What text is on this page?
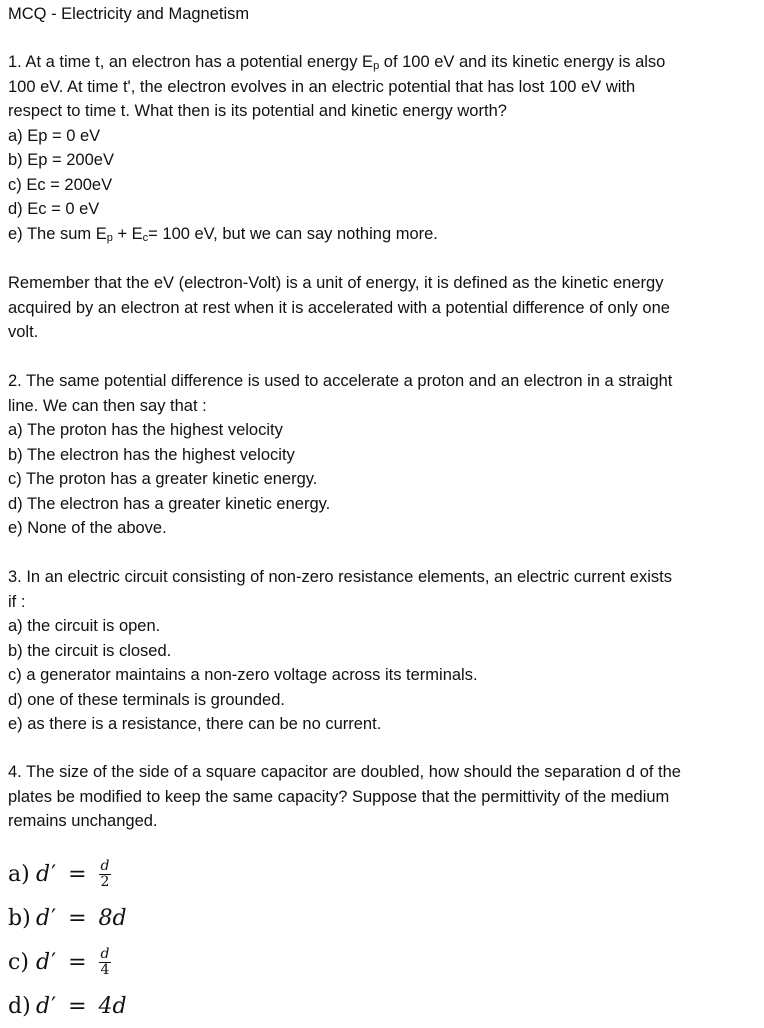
MCQ - Electricity and Magnetism
1. At a time t, an electron has a potential energy $E_p$ of 100 eV and its kinetic energy is also
100 eV. At time t', the electron evolves in an electric potential that has lost 100 eV with
respect to time t. What then is its potential and kinetic energy worth?
a) Ep = 0 eV
b) Ep = 200eV
c) Ec = 200eV
d) Ec = 0 eV
e) The sum $E_p + E_c= 100$ eV, but we can say nothing more.
Remember that the eV (electron-Volt) is a unit of energy, it is defined as the kinetic energy
acquired by an electron at rest when it is accelerated with a potential difference of only one
volt.
2. The same potential difference is used to accelerate a proton and an electron in a straight
line. We can then say that :
a) The proton has the highest velocity
b) The electron has the highest velocity
c) The proton has a greater kinetic energy.
d) The electron has a greater kinetic energy.
e) None of the above.
3. In an electric circuit consisting of non-zero resistance elements, an electric current exists
if :
a) the circuit is open.
b) the circuit is closed.
c) a generator maintains a non-zero voltage across its terminals.
d) one of these terminals is grounded.
e) as there is a resistance, there can be no current.
4. The size of the side of a square capacitor are doubled, how should the separation d of the
plates be modified to keep the same capacity? Suppose that the permittivity of the medium
remains unchanged.
a) d ′ = $\frac{d}{2}$
b) d ′ = 8d
c) d ′ = $\frac{d}{4}$
d) d ′ = 4d
